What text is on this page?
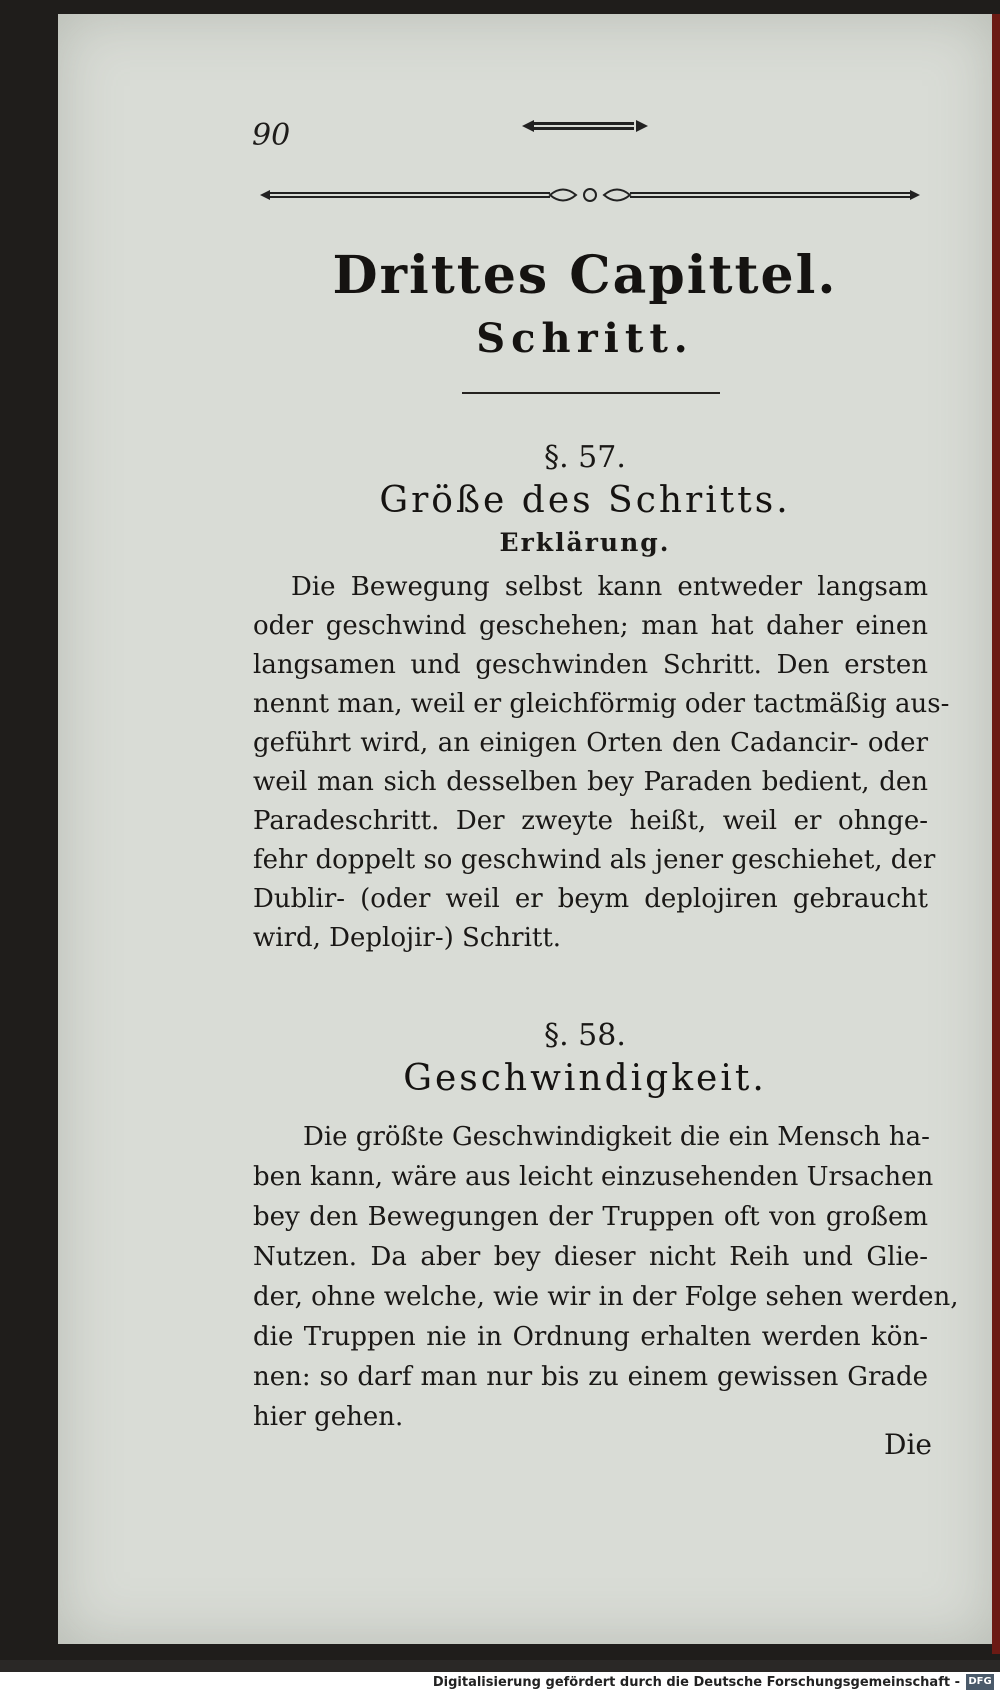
90
Drittes Capittel.
Schritt.
§. 57.
Größe des Schritts.
Erklärung.
Die Bewegung selbst kann entweder langsam
oder geschwind geschehen; man hat daher einen
langsamen und geschwinden Schritt. Den ersten
nennt man, weil er gleichförmig oder tactmäßig aus-
geführt wird, an einigen Orten den Cadancir- oder
weil man sich desselben bey Paraden bedient, den
Paradeschritt. Der zweyte heißt, weil er ohnge-
fehr doppelt so geschwind als jener geschiehet, der
Dublir- (oder weil er beym deplojiren gebraucht
wird, Deplojir-) Schritt.
§. 58.
Geschwindigkeit.
Die größte Geschwindigkeit die ein Mensch ha-
ben kann, wäre aus leicht einzusehenden Ursachen
bey den Bewegungen der Truppen oft von großem
Nutzen. Da aber bey dieser nicht Reih und Glie-
der, ohne welche, wie wir in der Folge sehen werden,
die Truppen nie in Ordnung erhalten werden kön-
nen: so darf man nur bis zu einem gewissen Grade
hier gehen.
Die
Digitalisierung gefördert durch die Deutsche Forschungsgemeinschaft - DFG
